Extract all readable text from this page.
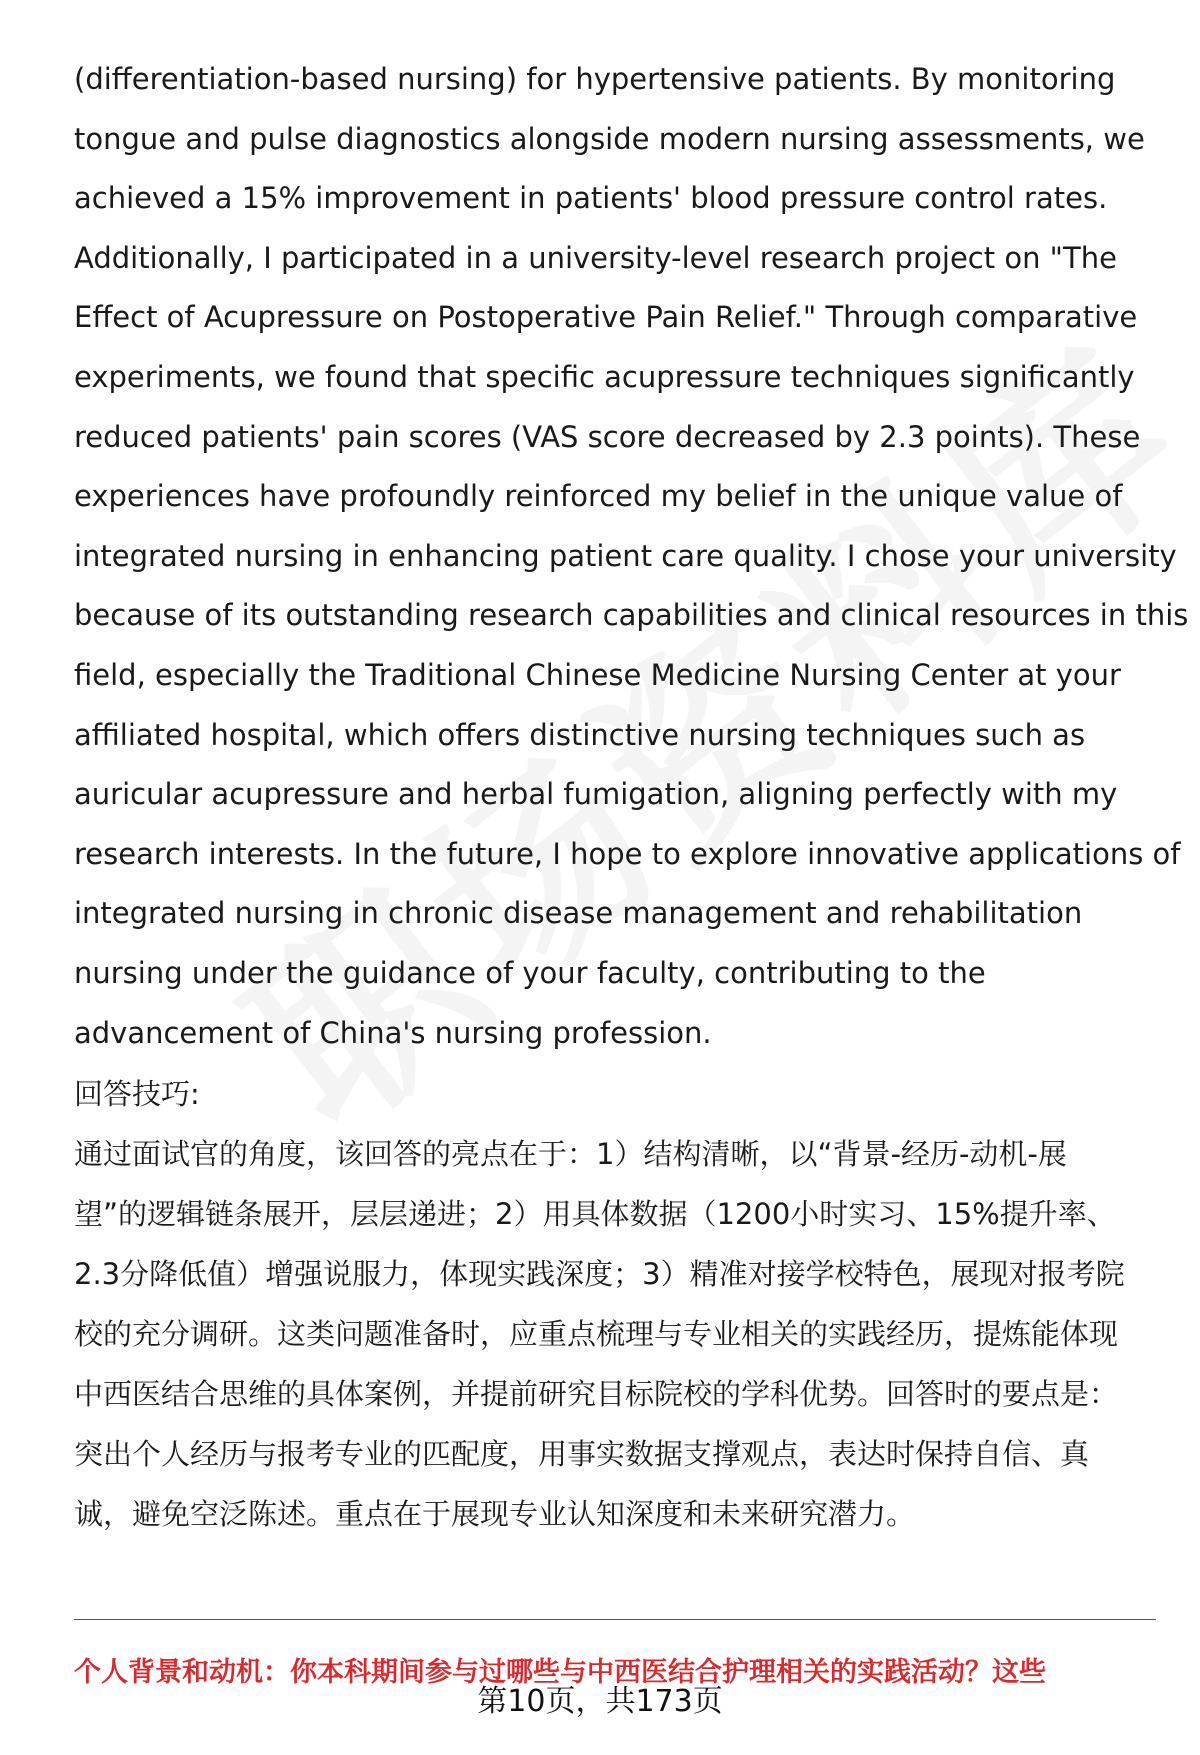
(differentiation-based nursing) for hypertensive patients. By monitoring
tongue and pulse diagnostics alongside modern nursing assessments, we
achieved a 15% improvement in patients' blood pressure control rates.
Additionally, I participated in a university-level research project on "The
Effect of Acupressure on Postoperative Pain Relief." Through comparative
experiments, we found that specific acupressure techniques significantly
reduced patients' pain scores (VAS score decreased by 2.3 points). These
experiences have profoundly reinforced my belief in the unique value of
integrated nursing in enhancing patient care quality. I chose your university
because of its outstanding research capabilities and clinical resources in this
field, especially the Traditional Chinese Medicine Nursing Center at your
affiliated hospital, which offers distinctive nursing techniques such as
auricular acupressure and herbal fumigation, aligning perfectly with my
research interests. In the future, I hope to explore innovative applications of
integrated nursing in chronic disease management and rehabilitation
nursing under the guidance of your faculty, contributing to the
advancement of China's nursing profession.

回答技巧:

通过面试官的角度，该回答的亮点在于：1）结构清晰，以“背景-经历-动机-展
望”的逻辑链条展开，层层递进；2）用具体数据（1200小时实习、15%提升率、
2.3分降低值）增强说服力，体现实践深度；3）精准对接学校特色，展现对报考院
校的充分调研。这类问题准备时，应重点梳理与专业相关的实践经历，提炼能体现
中西医结合思维的具体案例，并提前研究目标院校的学科优势。回答时的要点是：
突出个人经历与报考专业的匹配度，用事实数据支撑观点，表达时保持自信、真
诚，避免空泛陈述。重点在于展现专业认知深度和未来研究潜力。

个人背景和动机：你本科期间参与过哪些与中西医结合护理相关的实践活动？这些
第10页，共173页
